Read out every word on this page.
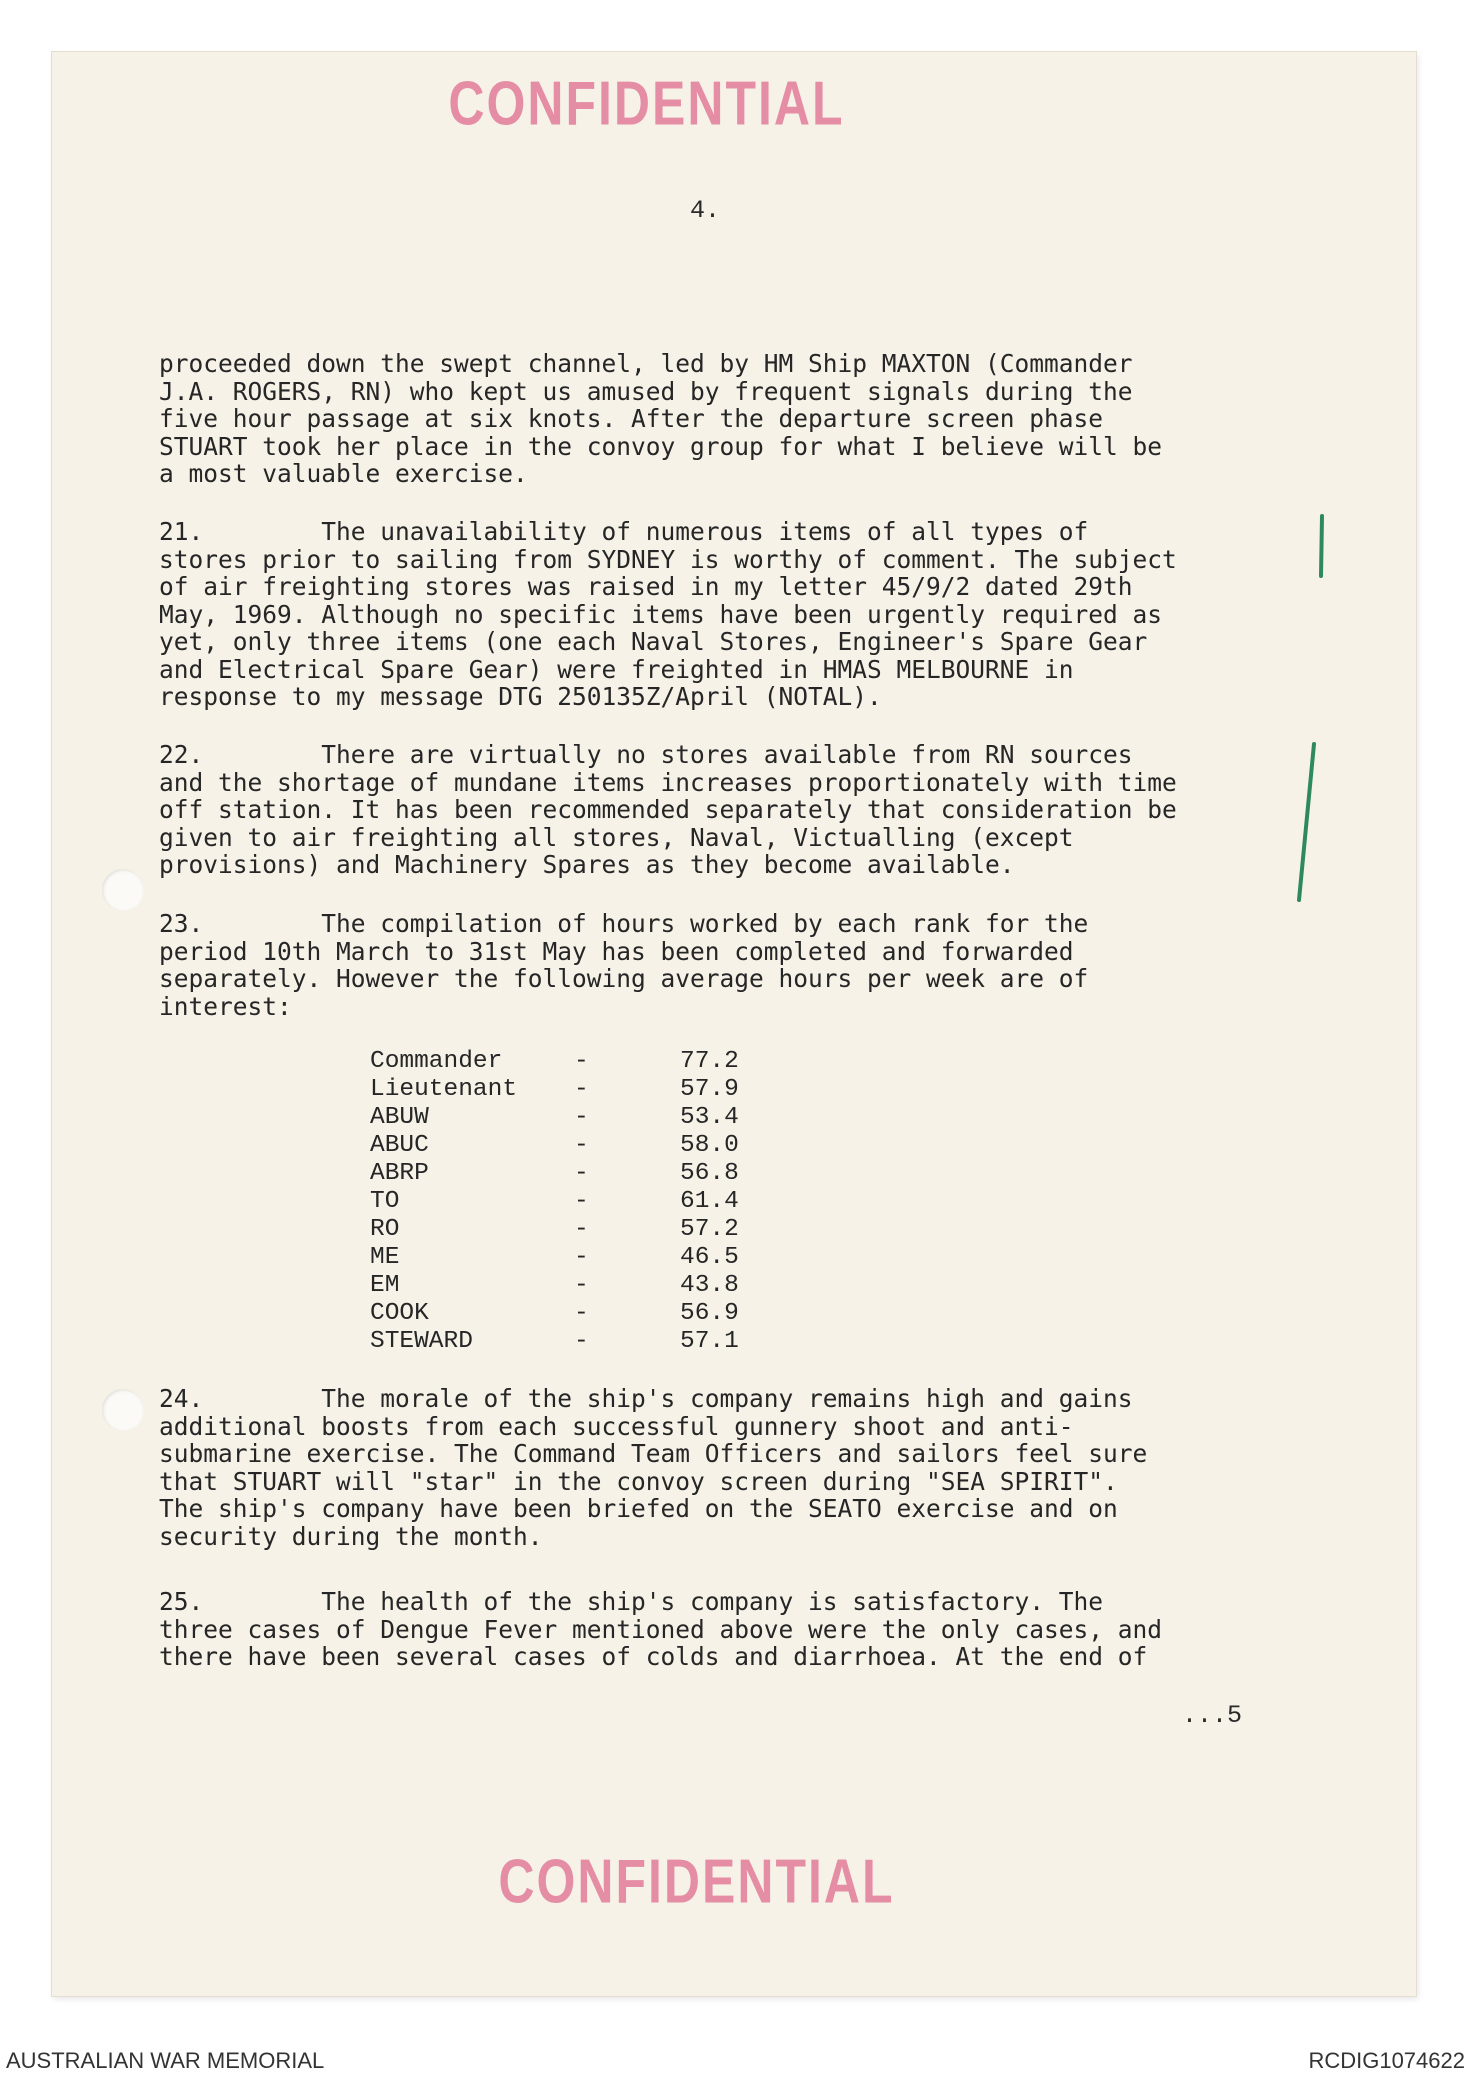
CONFIDENTIAL
4.
proceeded down the swept channel, led by HM Ship MAXTON (Commander
J.A. ROGERS, RN) who kept us amused by frequent signals during the
five hour passage at six knots. After the departure screen phase
STUART took her place in the convoy group for what I believe will be
a most valuable exercise.
21.        The unavailability of numerous items of all types of
stores prior to sailing from SYDNEY is worthy of comment. The subject
of air freighting stores was raised in my letter 45/9/2 dated 29th
May, 1969. Although no specific items have been urgently required as
yet, only three items (one each Naval Stores, Engineer's Spare Gear
and Electrical Spare Gear) were freighted in HMAS MELBOURNE in
response to my message DTG 250135Z/April (NOTAL).
22.        There are virtually no stores available from RN sources
and the shortage of mundane items increases proportionately with time
off station. It has been recommended separately that consideration be
given to air freighting all stores, Naval, Victualling (except
provisions) and Machinery Spares as they become available.
23.        The compilation of hours worked by each rank for the
period 10th March to 31st May has been completed and forwarded
separately. However the following average hours per week are of
interest:
Commander	-	77.2
Lieutenant	-	57.9
ABUW	-	53.4
ABUC	-	58.0
ABRP	-	56.8
TO	-	61.4
RO	-	57.2
ME	-	46.5
EM	-	43.8
COOK	-	56.9
STEWARD	-	57.1
24.        The morale of the ship's company remains high and gains
additional boosts from each successful gunnery shoot and anti-
submarine exercise. The Command Team Officers and sailors feel sure
that STUART will "star" in the convoy screen during "SEA SPIRIT".
The ship's company have been briefed on the SEATO exercise and on
security during the month.
25.        The health of the ship's company is satisfactory. The
three cases of Dengue Fever mentioned above were the only cases, and
there have been several cases of colds and diarrhoea. At the end of
...5
CONFIDENTIAL
AUSTRALIAN WAR MEMORIAL	RCDIG1074622
